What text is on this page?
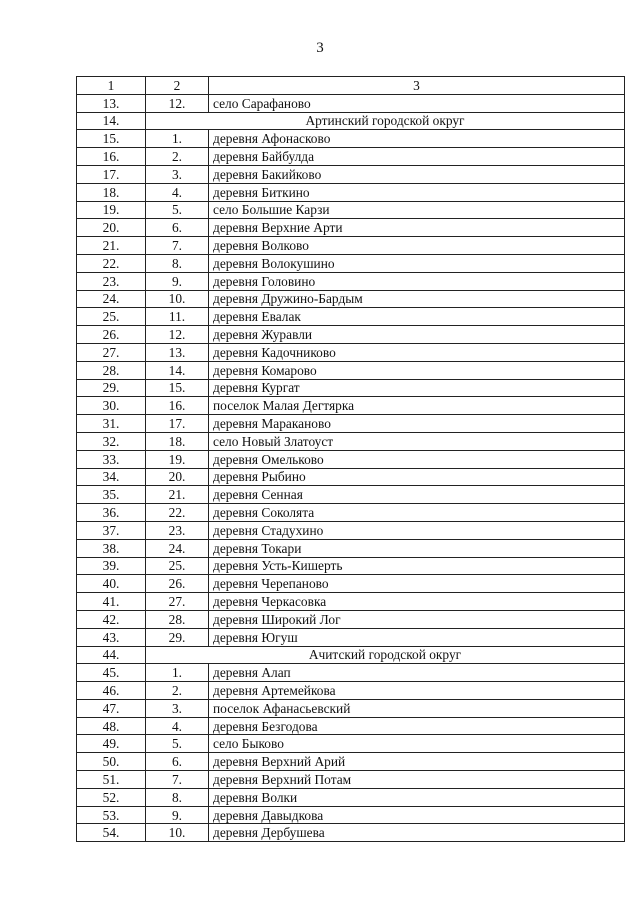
3
1	2	3
13.	12.	село Сарафаново
14.	Артинский городской округ	
15.	1.	деревня Афонасково
16.	2.	деревня Байбулда
17.	3.	деревня Бакийково
18.	4.	деревня Биткино
19.	5.	село Большие Карзи
20.	6.	деревня Верхние Арти
21.	7.	деревня Волково
22.	8.	деревня Волокушино
23.	9.	деревня Головино
24.	10.	деревня Дружино-Бардым
25.	11.	деревня Евалак
26.	12.	деревня Журавли
27.	13.	деревня Кадочниково
28.	14.	деревня Комарово
29.	15.	деревня Кургат
30.	16.	поселок Малая Дегтярка
31.	17.	деревня Мараканово
32.	18.	село Новый Златоуст
33.	19.	деревня Омельково
34.	20.	деревня Рыбино
35.	21.	деревня Сенная
36.	22.	деревня Соколята
37.	23.	деревня Стадухино
38.	24.	деревня Токари
39.	25.	деревня Усть-Кишерть
40.	26.	деревня Черепаново
41.	27.	деревня Черкасовка
42.	28.	деревня Широкий Лог
43.	29.	деревня Югуш
44.	Ачитский городской округ	
45.	1.	деревня Алап
46.	2.	деревня Артемейкова
47.	3.	поселок Афанасьевский
48.	4.	деревня Безгодова
49.	5.	село Быково
50.	6.	деревня Верхний Арий
51.	7.	деревня Верхний Потам
52.	8.	деревня Волки
53.	9.	деревня Давыдкова
54.	10.	деревня Дербушева
